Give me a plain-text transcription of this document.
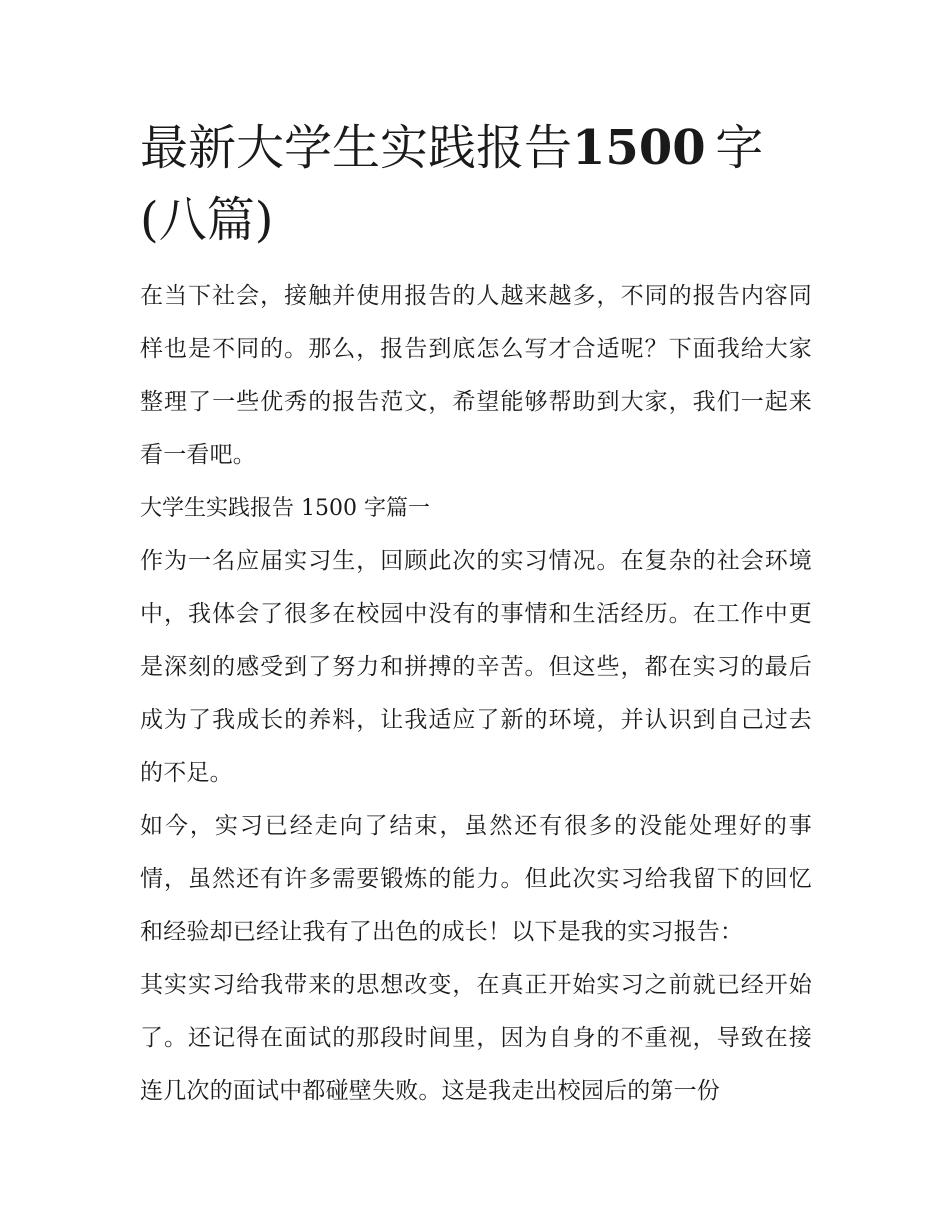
最新大学生实践报告1500  字
(八篇)

在当下社会，接触并使用报告的人越来越多，不同的报告内容同样也是不同的。那么，报告到底怎么写才合适呢？下面我给大家整理了一些优秀的报告范文，希望能够帮助到大家，我们一起来看一看吧。

大学生实践报告 1500 字篇一

作为一名应届实习生，回顾此次的实习情况。在复杂的社会环境中，我体会了很多在校园中没有的事情和生活经历。在工作中更是深刻的感受到了努力和拼搏的辛苦。但这些，都在实习的最后成为了我成长的养料，让我适应了新的环境，并认识到自己过去的不足。

如今，实习已经走向了结束，虽然还有很多的没能处理好的事情，虽然还有许多需要锻炼的能力。但此次实习给我留下的回忆和经验却已经让我有了出色的成长！以下是我的实习报告：

其实实习给我带来的思想改变，在真正开始实习之前就已经开始了。还记得在面试的那段时间里，因为自身的不重视，导致在接连几次的面试中都碰壁失败。这是我走出校园后的第一份
